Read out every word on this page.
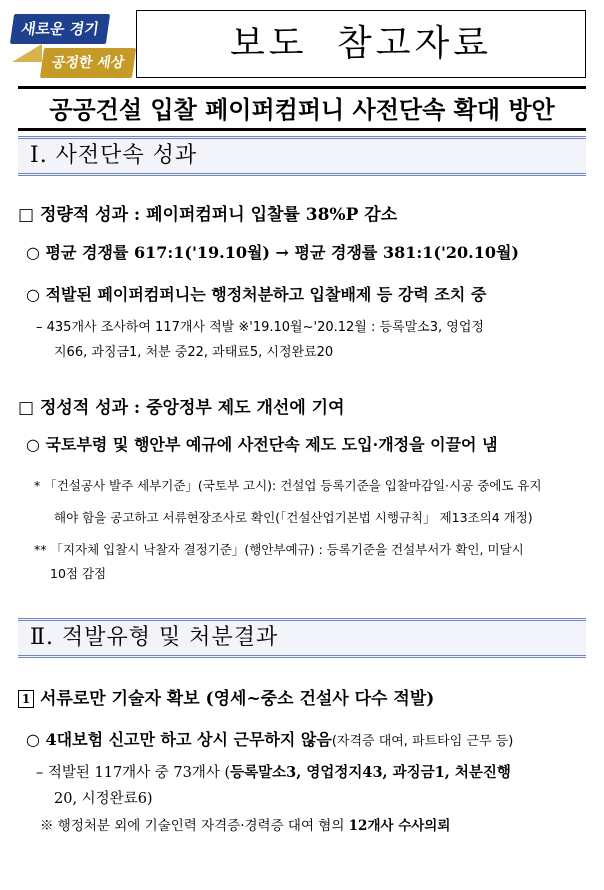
새로운 경기
공정한 세상	보도 참고자료
공공건설 입찰 페이퍼컴퍼니 사전단속 확대 방안
Ⅰ. 사전단속 성과
□ 정량적 성과 : 페이퍼컴퍼니 입찰률 38%P 감소
○ 평균 경쟁률 617:1('19.10월) → 평균 경쟁률 381:1('20.10월)
○ 적발된 페이퍼컴퍼니는 행정처분하고 입찰배제 등 강력 조치 중
– 435개사 조사하여 117개사 적발 ※'19.10월~'20.12월 : 등록말소3, 영업정
지66, 과징금1, 처분 중22, 과태료5, 시정완료20
□ 정성적 성과 : 중앙정부 제도 개선에 기여
○ 국토부령 및 행안부 예규에 사전단속 제도 도입·개정을 이끌어 냄
* 「건설공사 발주 세부기준」(국토부 고시): 건설업 등록기준을 입찰마감일·시공 중에도 유지
해야 함을 공고하고 서류현장조사로 확인(「건설산업기본법 시행규칙」 제13조의4 개정)
** 「지자체 입찰시 낙찰자 결정기준」(행안부예규) : 등록기준을 건설부서가 확인, 미달시
10점 감점
Ⅱ. 적발유형 및 처분결과
1 서류로만 기술자 확보 (영세~중소 건설사 다수 적발)
○ 4대보험 신고만 하고 상시 근무하지 않음(자격증 대여, 파트타임 근무 등)
– 적발된 117개사 중 73개사 (등록말소3, 영업정지43, 과징금1, 처분진행
20, 시정완료6)
※ 행정처분 외에 기술인력 자격증·경력증 대여 혐의 12개사 수사의뢰
